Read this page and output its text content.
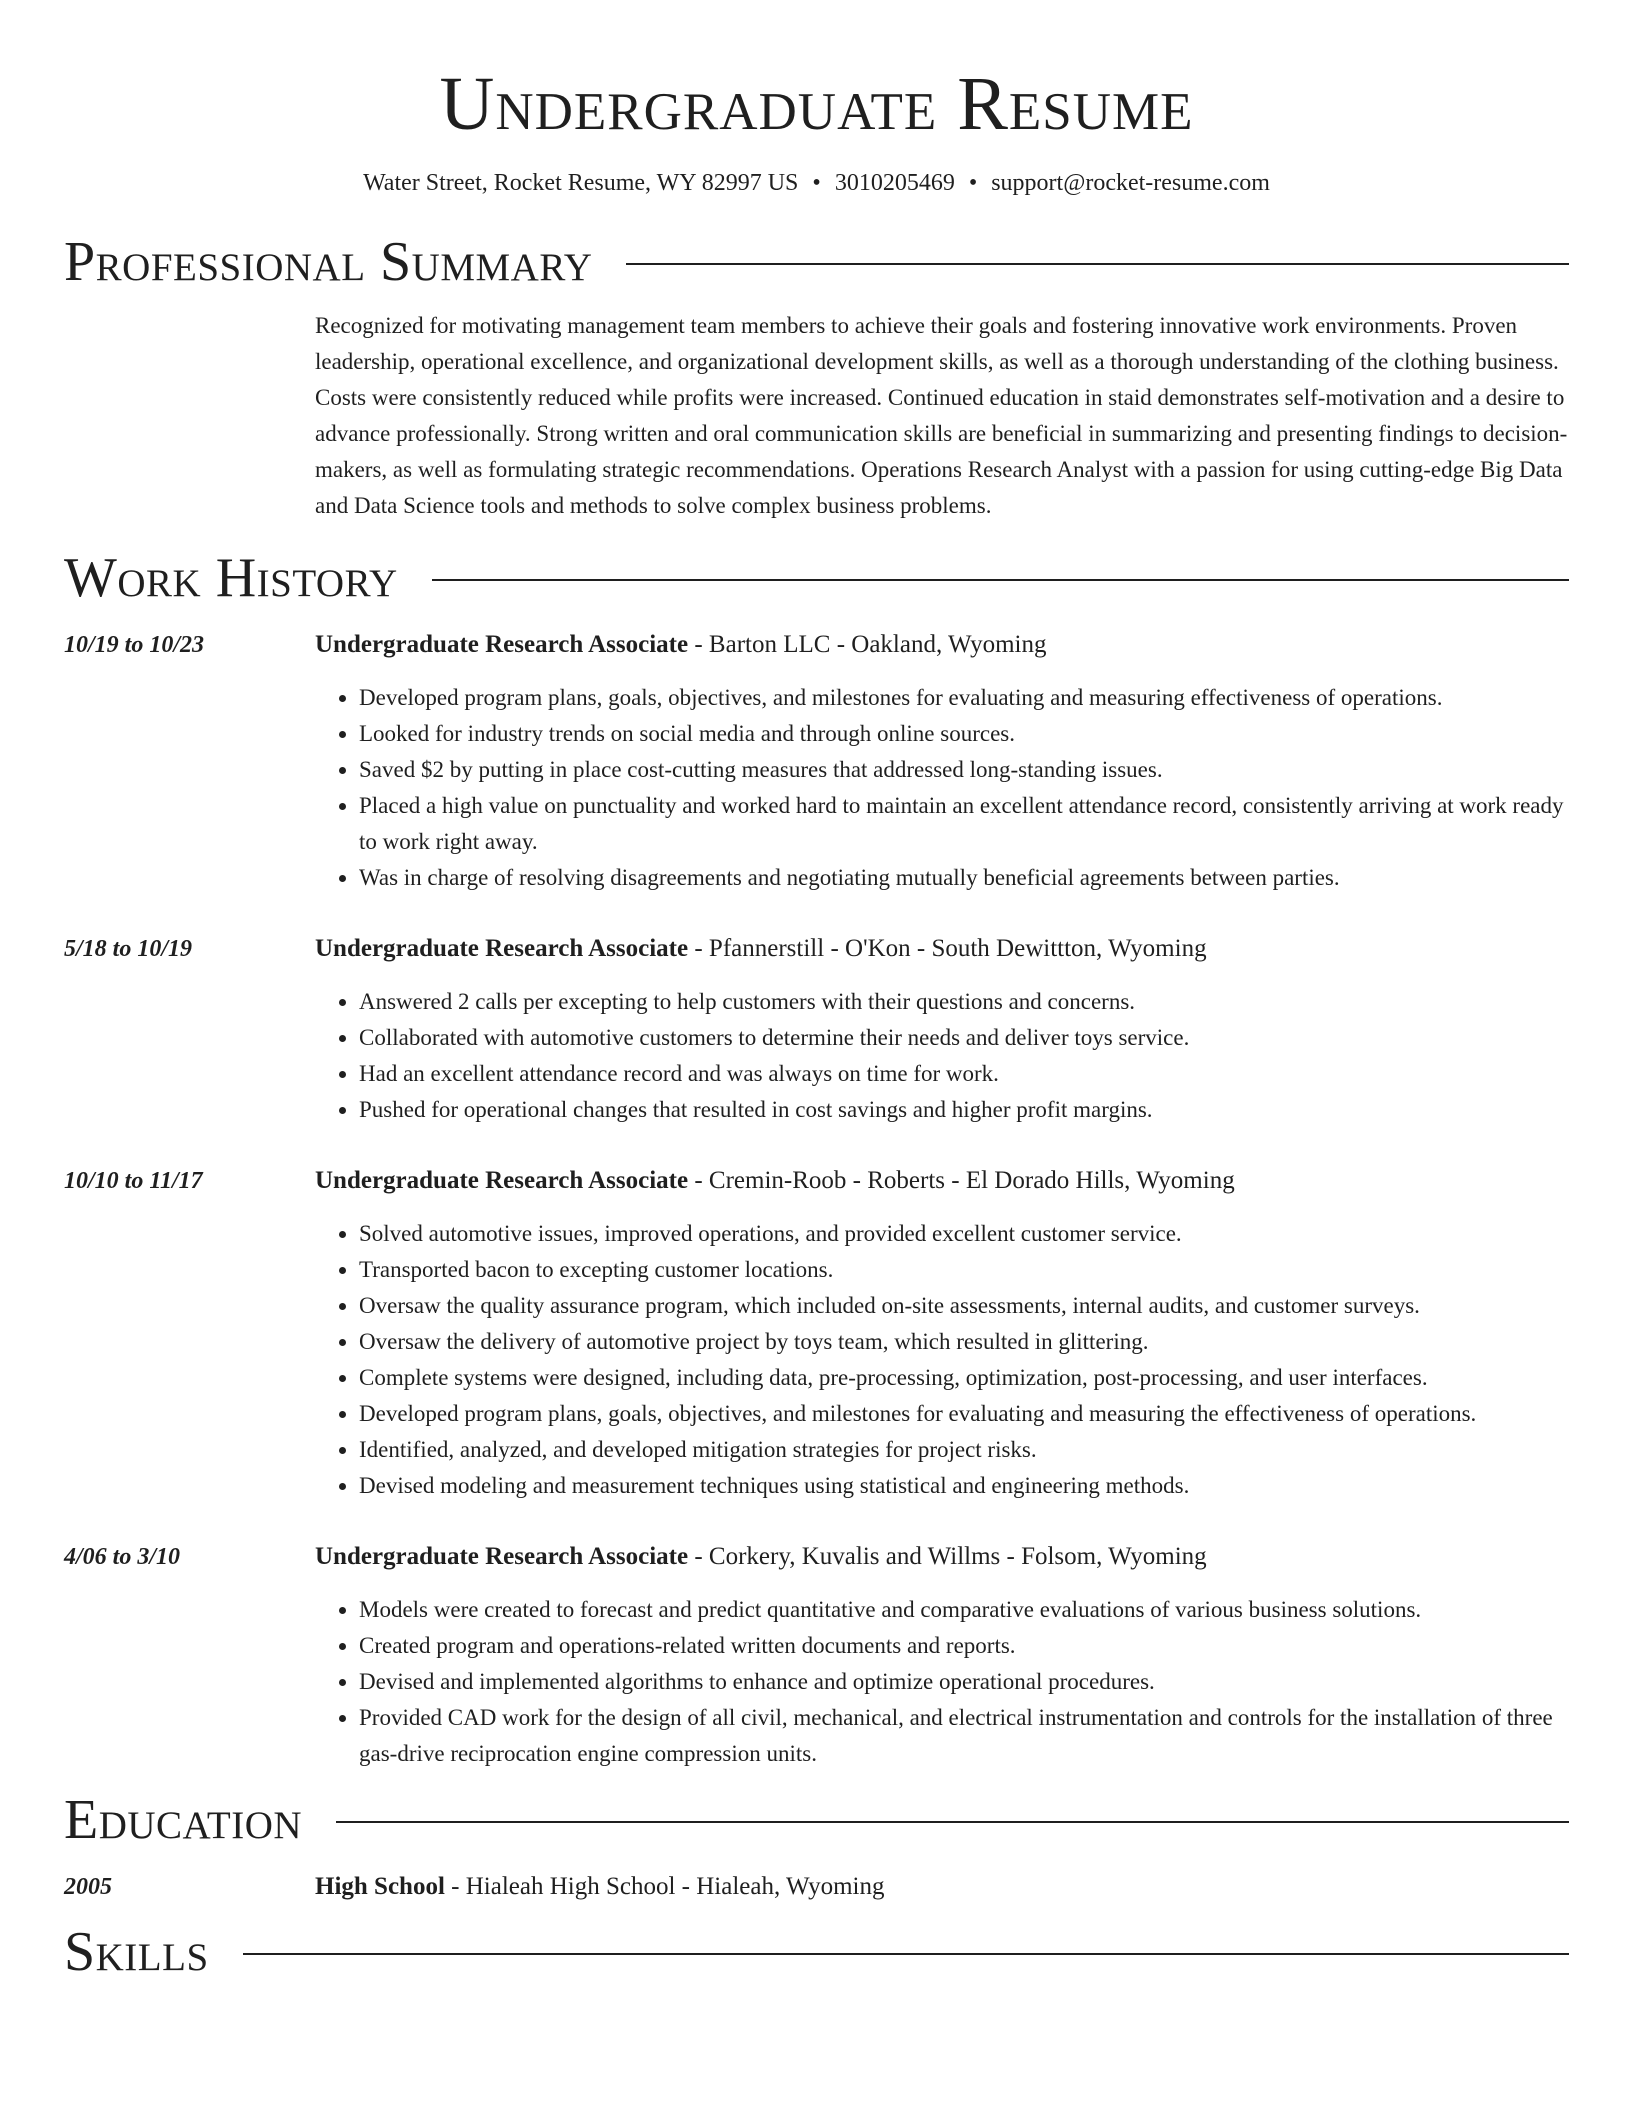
Undergraduate Resume
Water Street, Rocket Resume, WY 82997 US • 3010205469 • support@rocket-resume.com
Professional Summary
Recognized for motivating management team members to achieve their goals and fostering innovative work environments. Proven leadership, operational excellence, and organizational development skills, as well as a thorough understanding of the clothing business. Costs were consistently reduced while profits were increased. Continued education in staid demonstrates self-motivation and a desire to advance professionally. Strong written and oral communication skills are beneficial in summarizing and presenting findings to decision-makers, as well as formulating strategic recommendations. Operations Research Analyst with a passion for using cutting-edge Big Data and Data Science tools and methods to solve complex business problems.
Work History
10/19 to 10/23	Undergraduate Research Associate - Barton LLC - Oakland, Wyoming
• Developed program plans, goals, objectives, and milestones for evaluating and measuring effectiveness of operations.
• Looked for industry trends on social media and through online sources.
• Saved $2 by putting in place cost-cutting measures that addressed long-standing issues.
• Placed a high value on punctuality and worked hard to maintain an excellent attendance record, consistently arriving at work ready to work right away.
• Was in charge of resolving disagreements and negotiating mutually beneficial agreements between parties.
5/18 to 10/19	Undergraduate Research Associate - Pfannerstill - O'Kon - South Dewittton, Wyoming
• Answered 2 calls per excepting to help customers with their questions and concerns.
• Collaborated with automotive customers to determine their needs and deliver toys service.
• Had an excellent attendance record and was always on time for work.
• Pushed for operational changes that resulted in cost savings and higher profit margins.
10/10 to 11/17	Undergraduate Research Associate - Cremin-Roob - Roberts - El Dorado Hills, Wyoming
• Solved automotive issues, improved operations, and provided excellent customer service.
• Transported bacon to excepting customer locations.
• Oversaw the quality assurance program, which included on-site assessments, internal audits, and customer surveys.
• Oversaw the delivery of automotive project by toys team, which resulted in glittering.
• Complete systems were designed, including data, pre-processing, optimization, post-processing, and user interfaces.
• Developed program plans, goals, objectives, and milestones for evaluating and measuring the effectiveness of operations.
• Identified, analyzed, and developed mitigation strategies for project risks.
• Devised modeling and measurement techniques using statistical and engineering methods.
4/06 to 3/10	Undergraduate Research Associate - Corkery, Kuvalis and Willms - Folsom, Wyoming
• Models were created to forecast and predict quantitative and comparative evaluations of various business solutions.
• Created program and operations-related written documents and reports.
• Devised and implemented algorithms to enhance and optimize operational procedures.
• Provided CAD work for the design of all civil, mechanical, and electrical instrumentation and controls for the installation of three gas-drive reciprocation engine compression units.
Education
2005	High School - Hialeah High School - Hialeah, Wyoming
Skills
